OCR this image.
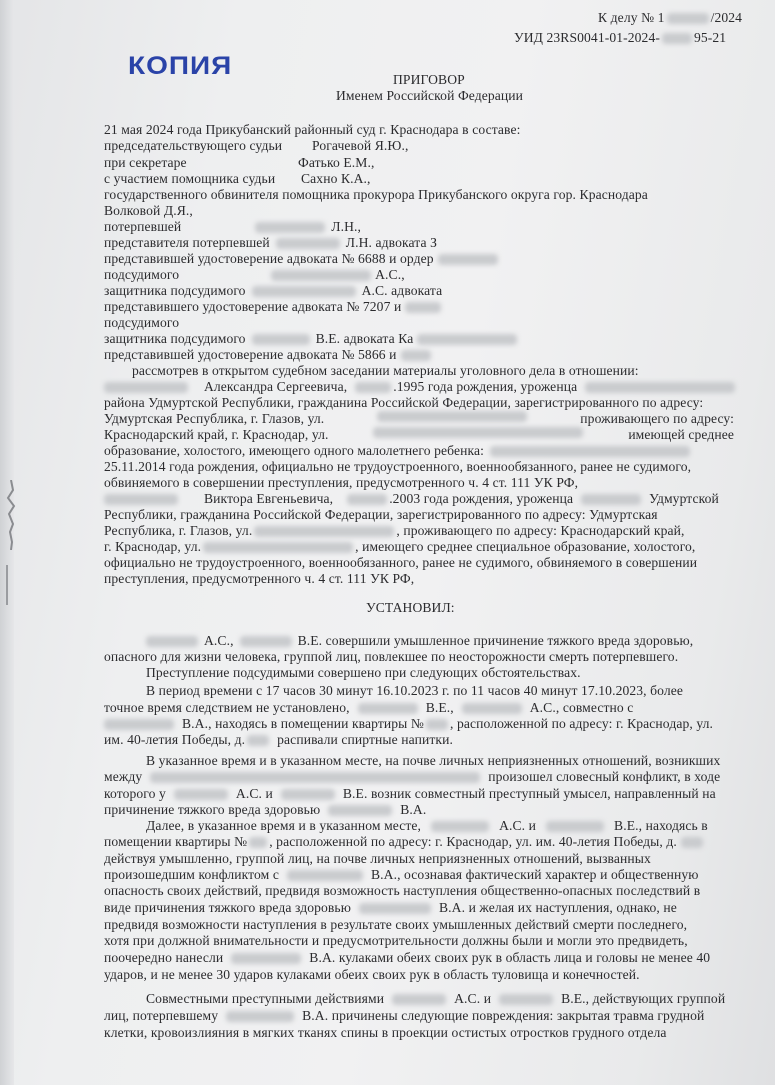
К делу № 1	/2024
УИД 23RS0041-01-2024-	95-21
КОПИЯ	ПРИГОВОР
Именем Российской Федерации
21 мая 2024 года Прикубанский районный суд г. Краснодара в составе:
председательствующего судьи Рогачевой Я.Ю.,
при секретаре	Фатько Е.М.,
с участием помощника судьи Сахно К.А.,
государственного обвинителя помощника прокурора Прикубанского округа гор. Краснодара
Волковой Д.Я.,
потерпевшей	Л.Н.,
представителя потерпевшей	Л.Н. адвоката З
представившей удостоверение адвоката № 6688 и ордер
подсудимого	А.С.,
защитника подсудимого	А.С. адвоката
представившего удостоверение адвоката № 7207 и
подсудимого
защитника подсудимого	В.Е. адвоката Ка
представившей удостоверение адвоката № 5866 и
рассмотрев в открытом судебном заседании материалы уголовного дела в отношении:
Александра Сергеевича,	.1995 года рождения, уроженца
района Удмуртской Республики, гражданина Российской Федерации, зарегистрированного по адресу:
Удмуртская Республика, г. Глазов, ул.	проживающего по адресу:
Краснодарский край, г. Краснодар, ул.	имеющей среднее
образование, холостого, имеющего одного малолетнего ребенка:
25.11.2014 года рождения, официально не трудоустроенного, военнообязанного, ранее не судимого,
обвиняемого в совершении преступления, предусмотренного ч. 4 ст. 111 УК РФ,
Виктора Евгеньевича,	.2003 года рождения, уроженца	Удмуртской
Республики, гражданина Российской Федерации, зарегистрированного по адресу: Удмуртская
Республика, г. Глазов, ул.	, проживающего по адресу: Краснодарский край,
г. Краснодар, ул.	, имеющего среднее специальное образование, холостого,
официально не трудоустроенного, военнообязанного, ранее не судимого, обвиняемого в совершении
преступления, предусмотренного ч. 4 ст. 111 УК РФ,
УСТАНОВИЛ:
А.С.,	В.Е. совершили умышленное причинение тяжкого вреда здоровью,
опасного для жизни человека, группой лиц, повлекшее по неосторожности смерть потерпевшего.
Преступление подсудимыми совершено при следующих обстоятельствах.
В период времени с 17 часов 30 минут 16.10.2023 г. по 11 часов 40 минут 17.10.2023, более
точное время следствием не установлено,	В.Е.,	А.С., совместно с
В.А., находясь в помещении квартиры № , расположенной по адресу: г. Краснодар, ул.
им. 40-летия Победы, д. распивали спиртные напитки.
В указанное время и в указанном месте, на почве личных неприязненных отношений, возникших
между	произошел словесный конфликт, в ходе
которого у	А.С. и	В.Е. возник совместный преступный умысел, направленный на
причинение тяжкого вреда здоровью	В.А.
Далее, в указанное время и в указанном месте,	А.С. и	В.Е., находясь в
помещении квартиры № , расположенной по адресу: г. Краснодар, ул. им. 40-летия Победы, д.
действуя умышленно, группой лиц, на почве личных неприязненных отношений, вызванных
произошедшим конфликтом с	В.А., осознавая фактический характер и общественную
опасность своих действий, предвидя возможность наступления общественно-опасных последствий в
виде причинения тяжкого вреда здоровью	В.А. и желая их наступления, однако, не
предвидя возможности наступления в результате своих умышленных действий смерти последнего,
хотя при должной внимательности и предусмотрительности должны были и могли это предвидеть,
поочередно нанесли	В.А. кулаками обеих своих рук в область лица и головы не менее 40
ударов, и не менее 30 ударов кулаками обеих своих рук в область туловища и конечностей.
Совместными преступными действиями	А.С. и	В.Е., действующих группой
лиц, потерпевшему	В.А. причинены следующие повреждения: закрытая травма грудной
клетки, кровоизлияния в мягких тканях спины в проекции остистых отростков грудного отдела
